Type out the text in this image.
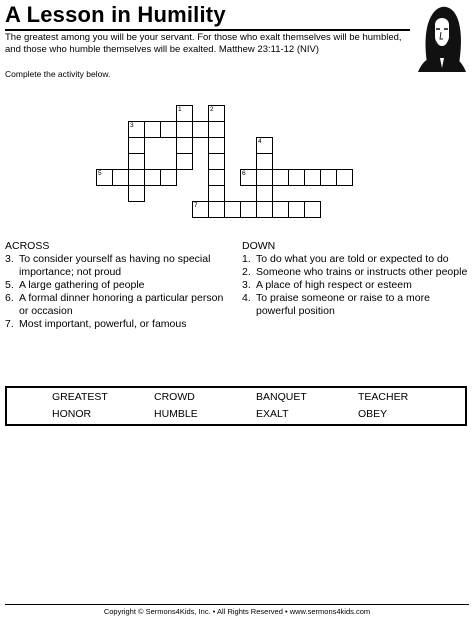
A Lesson in Humility
The greatest among you will be your servant. For those who exalt themselves will be humbled, and those who humble themselves will be exalted. Matthew 23:11-12 (NIV)
Complete the activity below.
1	2
3
4
5	6
7
ACROSS
3. To consider yourself as having no special importance; not proud
5. A large gathering of people
6. A formal dinner honoring a particular person or occasion
7. Most important, powerful, or famous
DOWN
1. To do what you are told or expected to do
2. Someone who trains or instructs other people
3. A place of high respect or esteem
4. To praise someone or raise to a more powerful position
GREATEST	CROWD	BANQUET	TEACHER
HONOR	HUMBLE	EXALT	OBEY
Copyright © Sermons4Kids, Inc. • All Rights Reserved • www.sermons4kids.com
